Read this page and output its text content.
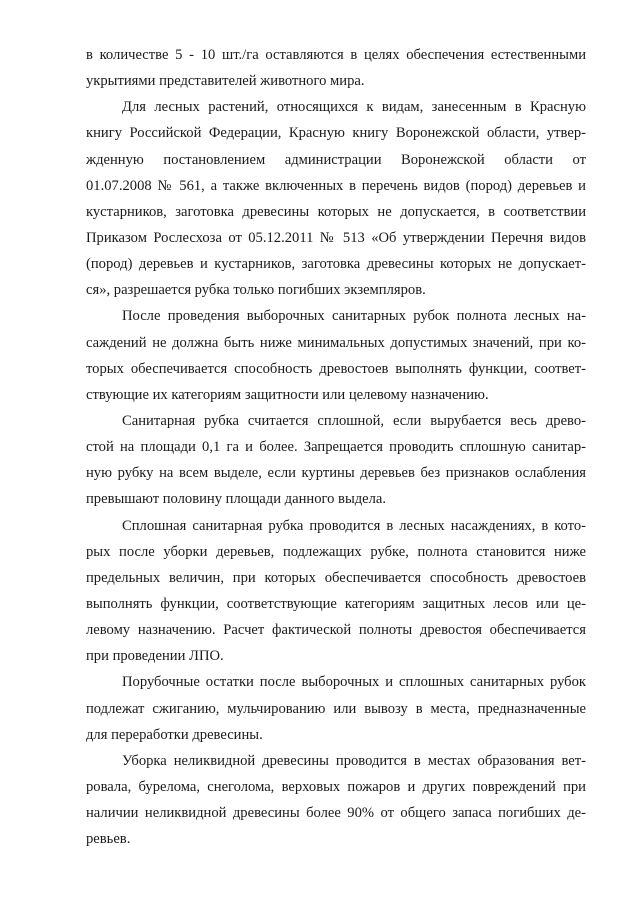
в количестве 5 - 10 шт./га оставляются в целях обеспечения естественными
укрытиями представителей животного мира.
Для лесных растений, относящихся к видам, занесенным в Красную
книгу Российской Федерации, Красную книгу Воронежской области, утвер-
жденную постановлением администрации Воронежской области от
01.07.2008 № 561, а также включенных в перечень видов (пород) деревьев и
кустарников, заготовка древесины которых не допускается, в соответствии
Приказом Рослесхоза от 05.12.2011 № 513 «Об утверждении Перечня видов
(пород) деревьев и кустарников, заготовка древесины которых не допускает-
ся», разрешается рубка только погибших экземпляров.
После проведения выборочных санитарных рубок полнота лесных на-
саждений не должна быть ниже минимальных допустимых значений, при ко-
торых обеспечивается способность древостоев выполнять функции, соответ-
ствующие их категориям защитности или целевому назначению.
Санитарная рубка считается сплошной, если вырубается весь древо-
стой на площади 0,1 га и более. Запрещается проводить сплошную санитар-
ную рубку на всем выделе, если куртины деревьев без признаков ослабления
превышают половину площади данного выдела.
Сплошная санитарная рубка проводится в лесных насаждениях, в кото-
рых после уборки деревьев, подлежащих рубке, полнота становится ниже
предельных величин, при которых обеспечивается способность древостоев
выполнять функции, соответствующие категориям защитных лесов или це-
левому назначению. Расчет фактической полноты древостоя обеспечивается
при проведении ЛПО.
Порубочные остатки после выборочных и сплошных санитарных рубок
подлежат сжиганию, мульчированию или вывозу в места, предназначенные
для переработки древесины.
Уборка неликвидной древесины проводится в местах образования вет-
ровала, бурелома, снеголома, верховых пожаров и других повреждений при
наличии неликвидной древесины более 90% от общего запаса погибших де-
ревьев.
